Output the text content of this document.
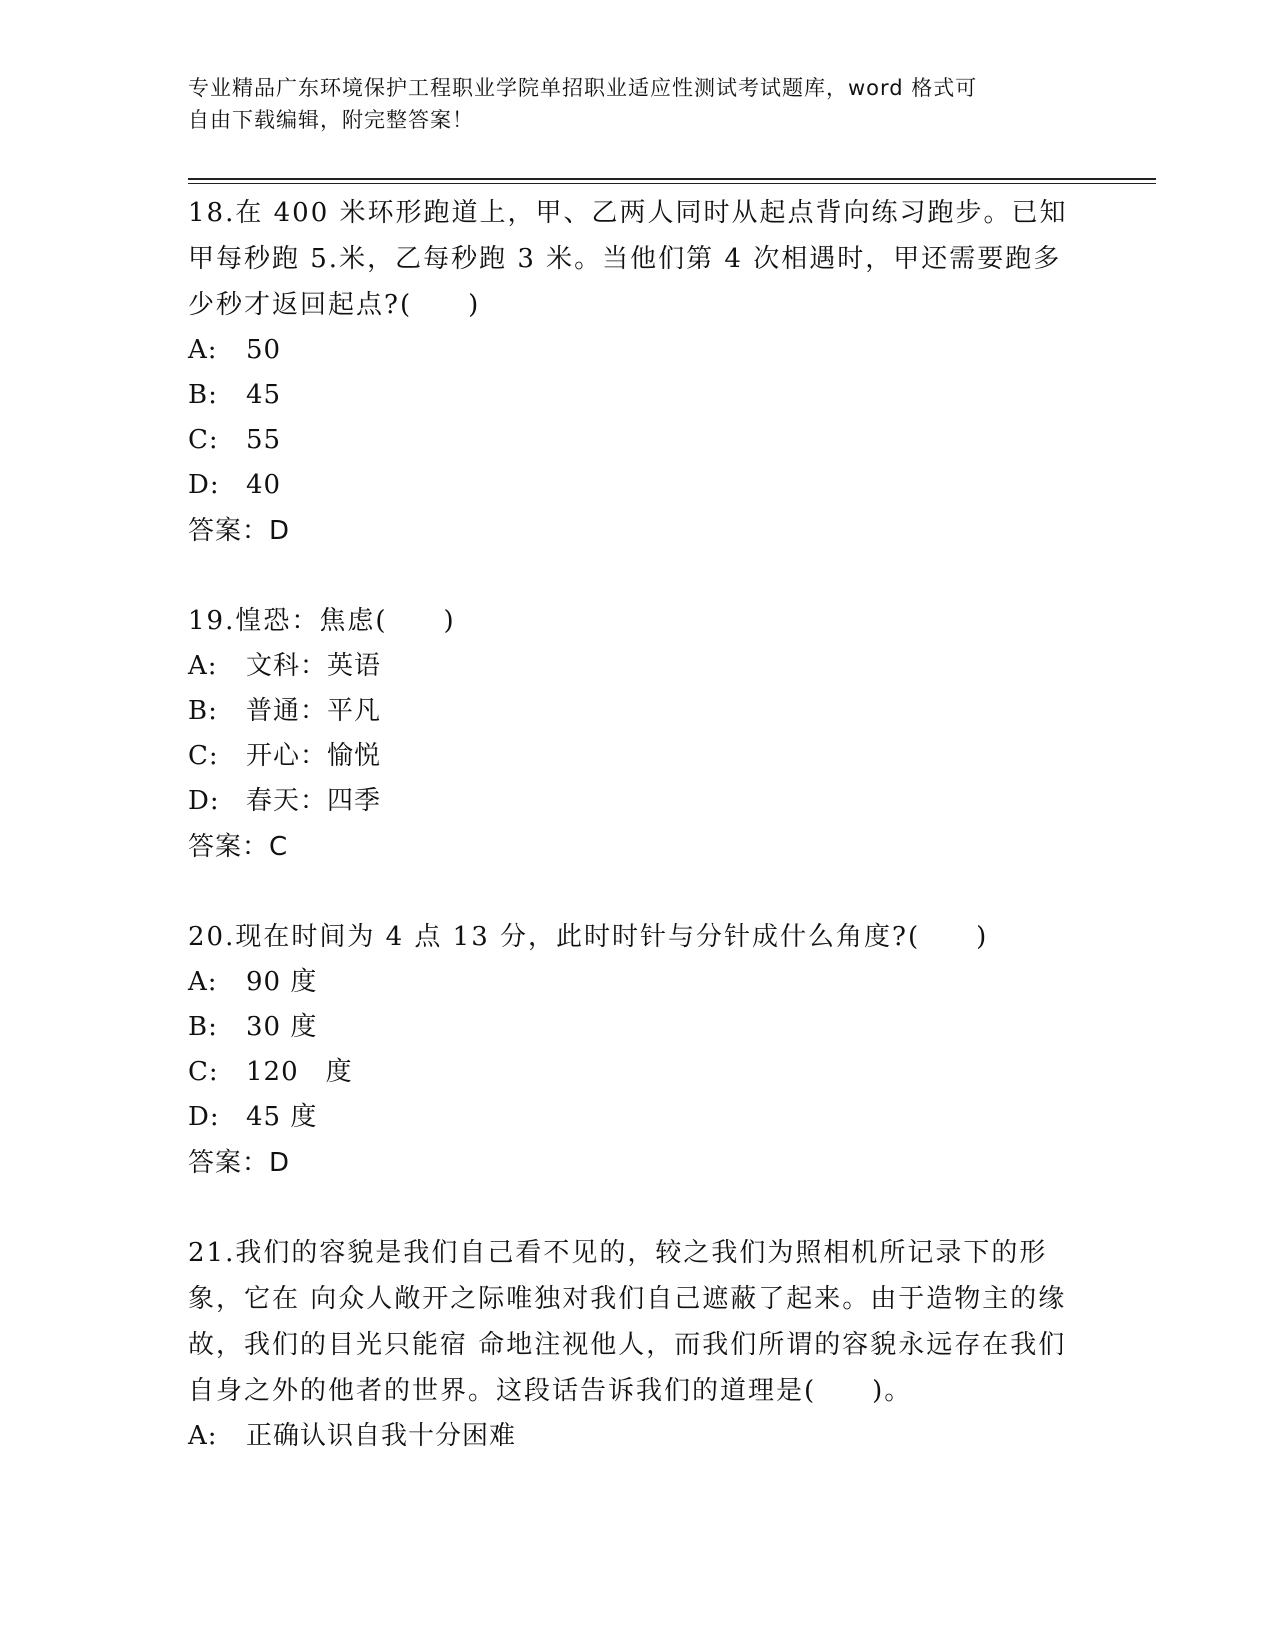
专业精品广东环境保护工程职业学院单招职业适应性测试考试题库，word 格式可
自由下载编辑，附完整答案！

18.在 400 米环形跑道上，甲、乙两人同时从起点背向练习跑步。已知甲每秒跑 5.米，乙每秒跑 3 米。当他们第 4 次相遇时，甲还需要跑多少秒才返回起点?(　　)

A:	50
B:	45
C:	55
D:	40

答案：D

19.惶恐：焦虑(　　)

A:	文科：英语
B:	普通：平凡
C:	开心：愉悦
D:	春天：四季

答案：C

20.现在时间为 4 点 13 分，此时时针与分针成什么角度?(　　)

A:	90 度
B:	30 度
C:	120　度
D:	45 度

答案：D

21.我们的容貌是我们自己看不见的，较之我们为照相机所记录下的形象，它在 向众人敞开之际唯独对我们自己遮蔽了起来。由于造物主的缘故，我们的目光只能宿 命地注视他人，而我们所谓的容貌永远存在我们自身之外的他者的世界。这段话告诉我们的道理是(　　)。

A:	正确认识自我十分困难
